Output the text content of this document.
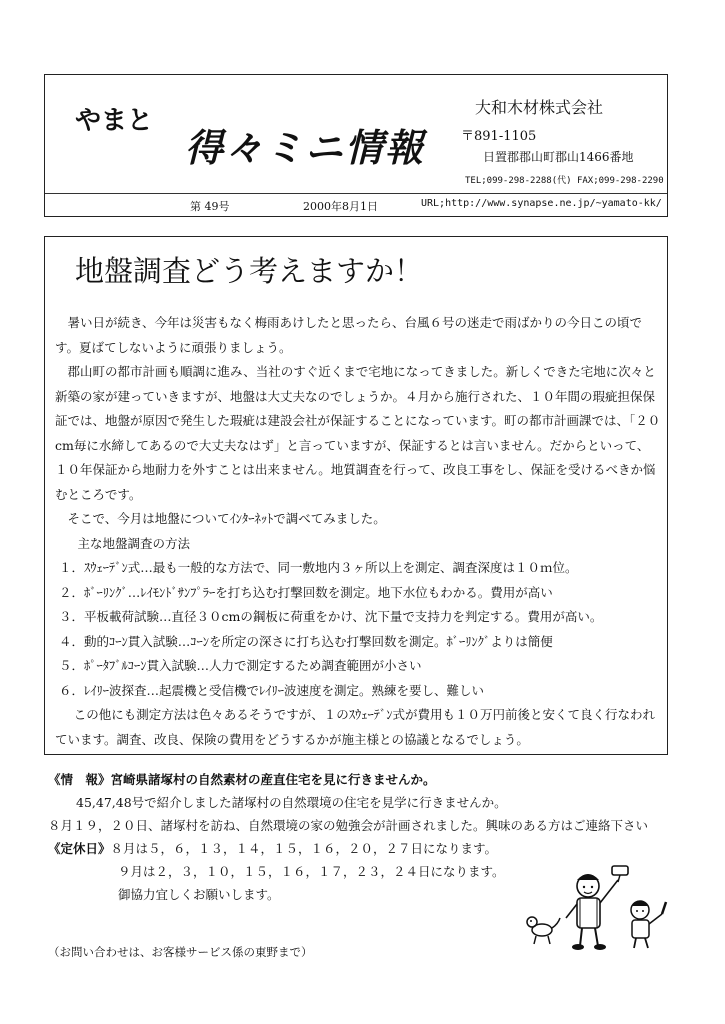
やまと
得々ミニ情報
大和木材株式会社
〒891-1105
日置郡郡山町郡山1466番地
TEL;099-298-2288(代) FAX;099-298-2290
第 49号	2000年8月1日	URL;http://www.synapse.ne.jp/~yamato-kk/
地盤調査どう考えますか！

暑い日が続き、今年は災害もなく梅雨あけしたと思ったら、台風６号の迷走で雨ばかりの今日この頃です。夏ばてしないように頑張りましょう。

郡山町の都市計画も順調に進み、当社のすぐ近くまで宅地になってきました。新しくできた宅地に次々と新築の家が建っていきますが、地盤は大丈夫なのでしょうか。４月から施行された、１０年間の瑕疵担保保証では、地盤が原因で発生した瑕疵は建設会社が保証することになっています。町の都市計画課では、「２０cm毎に水締してあるので大丈夫なはず」と言っていますが、保証するとは言いません。だからといって、１０年保証から地耐力を外すことは出来ません。地質調査を行って、改良工事をし、保証を受けるべきか悩むところです。

そこで、今月は地盤についてｲﾝﾀｰﾈｯﾄで調べてみました。

主な地盤調査の方法

１．ｽｳｪｰﾃﾞﾝ式…最も一般的な方法で、同一敷地内３ヶ所以上を測定、調査深度は１０ｍ位。

２．ﾎﾞｰﾘﾝｸﾞ…ﾚｲﾓﾝﾄﾞｻﾝﾌﾟﾗｰを打ち込む打撃回数を測定。地下水位もわかる。費用が高い

３．平板載荷試験…直径３０cmの鋼板に荷重をかけ、沈下量で支持力を判定する。費用が高い。

４．動的ｺｰﾝ貫入試験…ｺｰﾝを所定の深さに打ち込む打撃回数を測定。ﾎﾞｰﾘﾝｸﾞよりは簡便

５．ﾎﾟｰﾀﾌﾞﾙｺｰﾝ貫入試験…人力で測定するため調査範囲が小さい

６．ﾚｲﾘｰ波探査…起震機と受信機でﾚｲﾘｰ波速度を測定。熟練を要し、難しい

この他にも測定方法は色々あるそうですが、１のｽｳｪｰﾃﾞﾝ式が費用も１０万円前後と安くて良く行なわれています。調査、改良、保険の費用をどうするかが施主様との協議となるでしょう。

《情　報》宮崎県諸塚村の自然素材の産直住宅を見に行きませんか。

45,47,48号で紹介しました諸塚村の自然環境の住宅を見学に行きませんか。

８月１９，２０日、諸塚村を訪ね、自然環境の家の勉強会が計画されました。興味のある方はご連絡下さい

《定休日》８月は５，６，１３，１４，１５，１６，２０，２７日になります。

９月は２，３，１０，１５，１６，１７，２３，２４日になります。

御協力宜しくお願いします。

（お問い合わせは、お客様サービス係の東野まで）
